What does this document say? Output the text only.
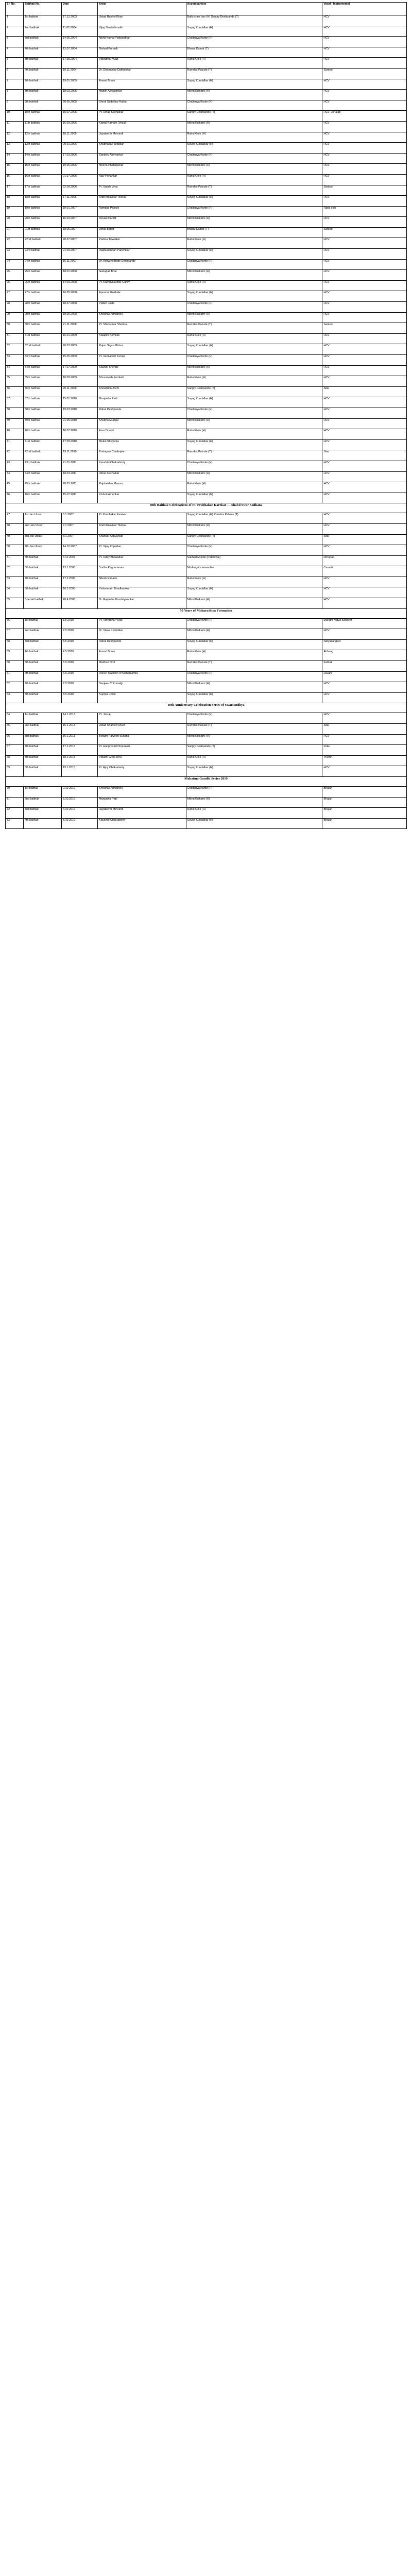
Sr. No.	Baithak No.	Date	Artist	Accompanists	Vocal / Instrumental
1	1st baithak	17.12.2003	Ustad Rashid Khan	Balkrishna Iyer (H) Sanjay Deshpande (T)	HCV
2	2nd baithak	11.02.2004	Vijay Sardeshmukh	Suyog Kundalkar (H)	HCV
3	3rd baithak	14.05.2004	Nikhil Kumar Patwardhan	Chaitanya Kunte (H)	HCV
4	4th baithak	12.07.2004	Nishad Puranik	Bharat Kamat (T)	HCV
5	5th baithak	17.09.2004	Vidyadhar Vyas	Rahul Gole (H)	HCV
6	6th baithak	19.11.2004	Dr. Dhananjay Daithankar	Ramdas Palsule (T)	Santoor
7	7th baithak	19.01.2005	Anand Bhate	Suyog Kundalkar (H)	HCV
8	8th baithak	18.03.2005	Manjiri Alegaonkar	Milind Kulkarni (H)	HCV
9	9th baithak	20.05.2005	Shruti Sadolikar Katkar	Chaitanya Kunte (H)	HCV
10	10th baithak	15.07.2005	Pt. Ulhas Kashalkar	Sanjay Deshpande (T)	HCV, Jor alap
11	11th baithak	16.09.2005	Kamal Kamale (Vocal)	Milind Kulkarni (H)	HCV
12	12th baithak	18.11.2005	Jayateerth Mevundi	Rahul Gole (H)	HCV
13	13th baithak	20.01.2006	Shubhada Paradkar	Suyog Kundalkar (H)	HCV
14	14th baithak	17.03.2006	Sanjeev Abhyankar	Chaitanya Kunte (H)	HCV
15	15th baithak	19.05.2006	Meena Phatarpekar	Milind Kulkarni (H)	HCV
16	16th baithak	21.07.2006	Ajay Pohankar	Rahul Gole (H)	HCV
17	17th baithak	22.09.2006	Pt. Satish Vyas	Ramdas Palsule (T)	Santoor
18	18th baithak	17.11.2006	Arati Ankalikar Tikekar	Suyog Kundalkar (H)	HCV
19	19th baithak	19.01.2007	Ramdas Palsule	Chaitanya Kunte (H)	Tabla solo
20	20th baithak	16.03.2007	Devaki Pandit	Milind Kulkarni (H)	HCV
21	21st baithak	18.05.2007	Ulhas Bapat	Bharat Kamat (T)	Santoor
22	22nd baithak	20.07.2007	Padma Talwalkar	Rahul Gole (H)	HCV
23	23rd baithak	21.09.2007	Raghunandan Panshikar	Suyog Kundalkar (H)	HCV
24	24th baithak	16.11.2007	Dr. Ashwini Bhide Deshpande	Chaitanya Kunte (H)	HCV
25	25th baithak	18.01.2008	Ganapati Bhat	Milind Kulkarni (H)	HCV
26	26th baithak	14.03.2008	Pt. Kaivalyakumar Gurav	Rahul Gole (H)	HCV
27	27th baithak	16.05.2008	Apoorva Gokhale	Suyog Kundalkar (H)	HCV
28	28th baithak	18.07.2008	Pallavi Joshi	Chaitanya Kunte (H)	HCV
29	29th baithak	19.09.2008	Shounak Abhisheki	Milind Kulkarni (H)	HCV
30	30th baithak	21.11.2008	Pt. Shivkumar Sharma	Ramdas Palsule (T)	Santoor
31	31st baithak	16.01.2009	Kalapini Komkali	Rahul Gole (H)	HCV
32	32nd baithak	20.03.2009	Rajan Sajan Mishra	Suyog Kundalkar (H)	HCV
33	33rd baithak	15.05.2009	Pt. Venkatesh Kumar	Chaitanya Kunte (H)	HCV
34	34th baithak	17.07.2009	Sawani Shende	Milind Kulkarni (H)	HCV
35	35th baithak	18.09.2009	Bhuvanesh Komkali	Rahul Gole (H)	HCV
36	36th baithak	20.11.2009	Aniruddha Joshi	Sanjay Deshpande (T)	Sitar
37	37th baithak	15.01.2010	Manjusha Patil	Suyog Kundalkar (H)	HCV
38	38th baithak	19.03.2010	Rahul Deshpande	Chaitanya Kunte (H)	HCV
39	39th baithak	21.05.2010	Shubha Mudgal	Milind Kulkarni (H)	HCV
40	40th baithak	16.07.2010	Arun Dravid	Rahul Gole (H)	HCV
41	41st baithak	17.09.2010	Mukul Shivputra	Suyog Kundalkar (H)	HCV
42	42nd baithak	19.11.2010	Purbayan Chatterjee	Ramdas Palsule (T)	Sitar
43	43rd baithak	21.01.2011	Kaushiki Chakraborty	Chaitanya Kunte (H)	HCV
44	44th baithak	18.03.2011	Ulhas Kashalkar	Milind Kulkarni (H)	HCV
45	45th baithak	20.05.2011	Rajshekhar Mansur	Rahul Gole (H)	HCV
46	46th baithak	15.07.2011	Kishori Amonkar	Suyog Kundalkar (H)	HCV
50th Baithak Celebrations of Pt. Prabhakar Karekar — Shabd Swar Sadhana					
47	1st Jan Utsav	6.1.2007	Pt. Prabhakar Karekar	Suyog Kundalkar (H) Ramdas Palsule (T)	HCV
48	2nd Jan Utsav	7.1.2007	Arati Ankalikar Tikekar	Milind Kulkarni (H)	HCV
49	3rd Jan Utsav	8.1.2007	Shankar Abhyankar	Sanjay Deshpande (T)	Sitar
50	4th Jan Utsav	14.10.2007	Pt. Vijay Koparkar	Chaitanya Kunte (H)	HCV
51	5th baithak	6.12.2007	Pt. Uday Bhawalkar	Sukhad Munde (Pakhawaj)	Dhrupad
52	6th baithak	13.1.2008	Sudha Raghuraman	Mridangam ensemble	Carnatic
53	7th baithak	17.2.2008	Nilesh Ranade	Rahul Gole (H)	HCV
54	8th baithak	16.3.2008	Vishwanath Bhadkamkar	Suyog Kundalkar (H)	HCV
55	Special baithak	20.4.2008	Dr. Rajendra Kandalgaonkar	Milind Kulkarni (H)	HCV
50 Years of Maharashtra Formation					
56	1st baithak	1.5.2010	Pt. Vidyadhar Vyas	Chaitanya Kunte (H)	Marathi Natya Sangeet
57	2nd baithak	2.5.2010	Dr. Vikas Kashalkar	Milind Kulkarni (H)	HCV
58	3rd baithak	3.5.2010	Rahul Deshpande	Suyog Kundalkar (H)	Natyasangeet
59	4th baithak	4.5.2010	Anand Bhate	Rahul Gole (H)	Abhang
60	5th baithak	5.5.2010	Madhuri Dixit	Ramdas Palsule (T)	Kathak
61	6th baithak	6.5.2010	Dance Tradition of Maharashtra	Chaitanya Kunte (H)	Lavani
62	7th baithak	7.5.2010	Sanjeev Chimmalgi	Milind Kulkarni (H)	HCV
63	8th baithak	8.5.2010	Supriya Joshi	Suyog Kundalkar (H)	HCV
10th Anniversary Celebration Series of Swarsandhya					
64	1st baithak	14.1.2013	Pt. Jasraj	Chaitanya Kunte (H)	HCV
65	2nd baithak	15.1.2013	Ustad Shahid Parvez	Ramdas Palsule (T)	Sitar
66	3rd baithak	16.1.2013	Begum Parveen Sultana	Milind Kulkarni (H)	HCV
67	4th baithak	17.1.2013	Pt. Hariprasad Chaurasia	Sanjay Deshpande (T)	Flute
68	5th baithak	18.1.2013	Vidushi Girija Devi	Rahul Gole (H)	Thumri
69	6th baithak	19.1.2013	Pt. Ajoy Chakrabarty	Suyog Kundalkar (H)	HCV
Mahatma Gandhi Series 2019					
70	1st baithak	2.10.2019	Shounak Abhisheki	Chaitanya Kunte (H)	Bhajan
71	2nd baithak	3.10.2019	Manjusha Patil	Milind Kulkarni (H)	Bhajan
72	3rd baithak	4.10.2019	Jayateerth Mevundi	Rahul Gole (H)	Bhajan
73	4th baithak	5.10.2019	Kaushiki Chakraborty	Suyog Kundalkar (H)	Bhajan
